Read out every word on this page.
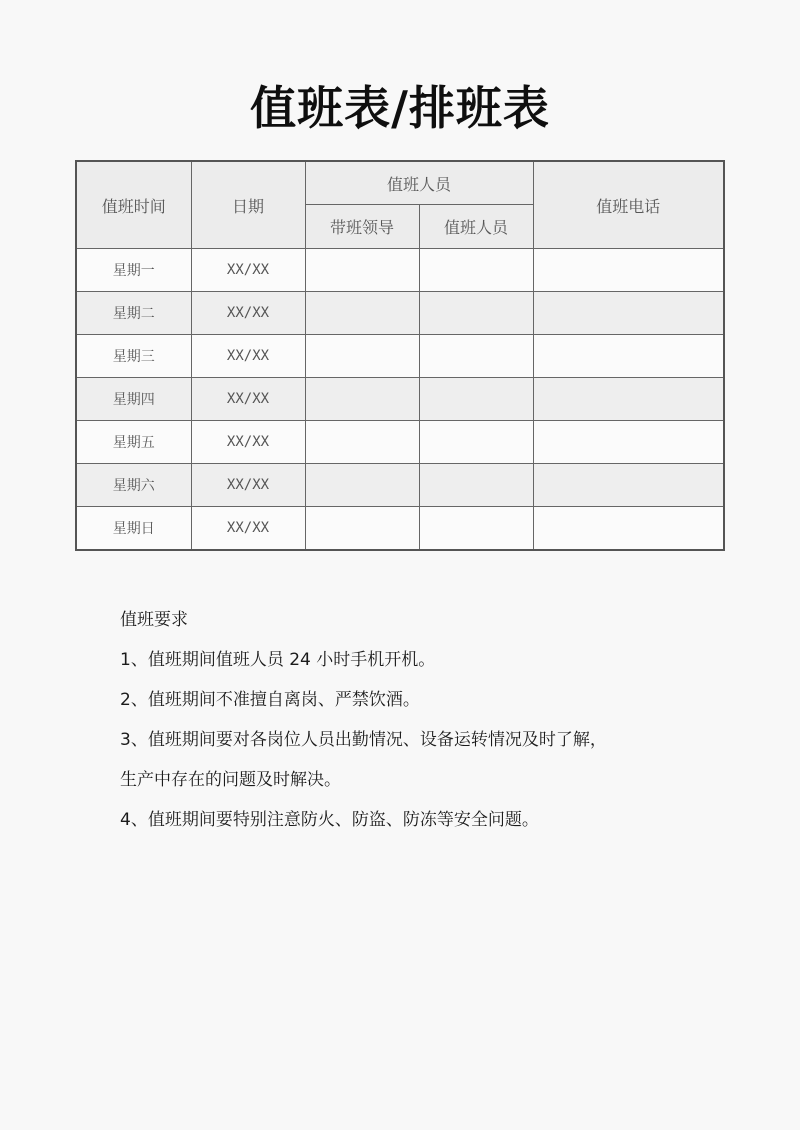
值班表/排班表
值班时间	日期	值班人员		值班电话
		带班领导	值班人员	
星期一	XX/XX			
星期二	XX/XX			
星期三	XX/XX			
星期四	XX/XX			
星期五	XX/XX			
星期六	XX/XX			
星期日	XX/XX			
值班要求
1、值班期间值班人员 24 小时手机开机。
2、值班期间不准擅自离岗、严禁饮酒。
3、值班期间要对各岗位人员出勤情况、设备运转情况及时了解，
生产中存在的问题及时解决。
4、值班期间要特别注意防火、防盗、防冻等安全问题。
